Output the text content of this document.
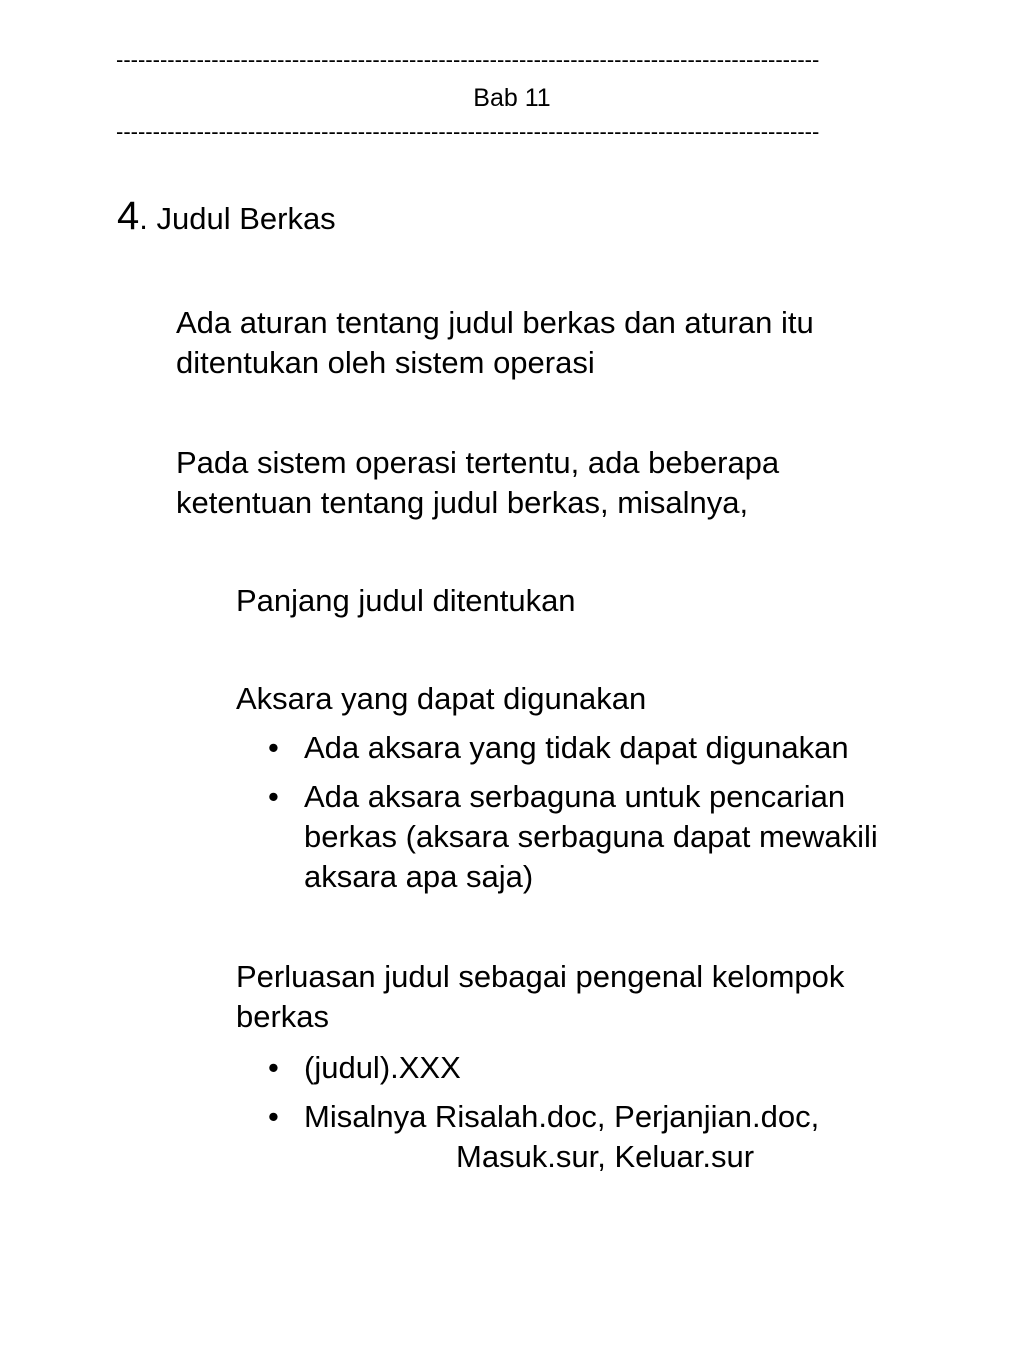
------------------------------------------------------------------------------------------------
Bab 11
------------------------------------------------------------------------------------------------
4. Judul Berkas
Ada aturan tentang judul berkas dan aturan itu
ditentukan oleh sistem operasi
Pada sistem operasi tertentu, ada beberapa
ketentuan tentang judul berkas, misalnya,
Panjang judul ditentukan
Aksara yang dapat digunakan
• Ada aksara yang tidak dapat digunakan
• Ada aksara serbaguna untuk pencarian
berkas (aksara serbaguna dapat mewakili
aksara apa saja)
Perluasan judul sebagai pengenal kelompok
berkas
• (judul).XXX
• Misalnya Risalah.doc, Perjanjian.doc,
Masuk.sur, Keluar.sur
